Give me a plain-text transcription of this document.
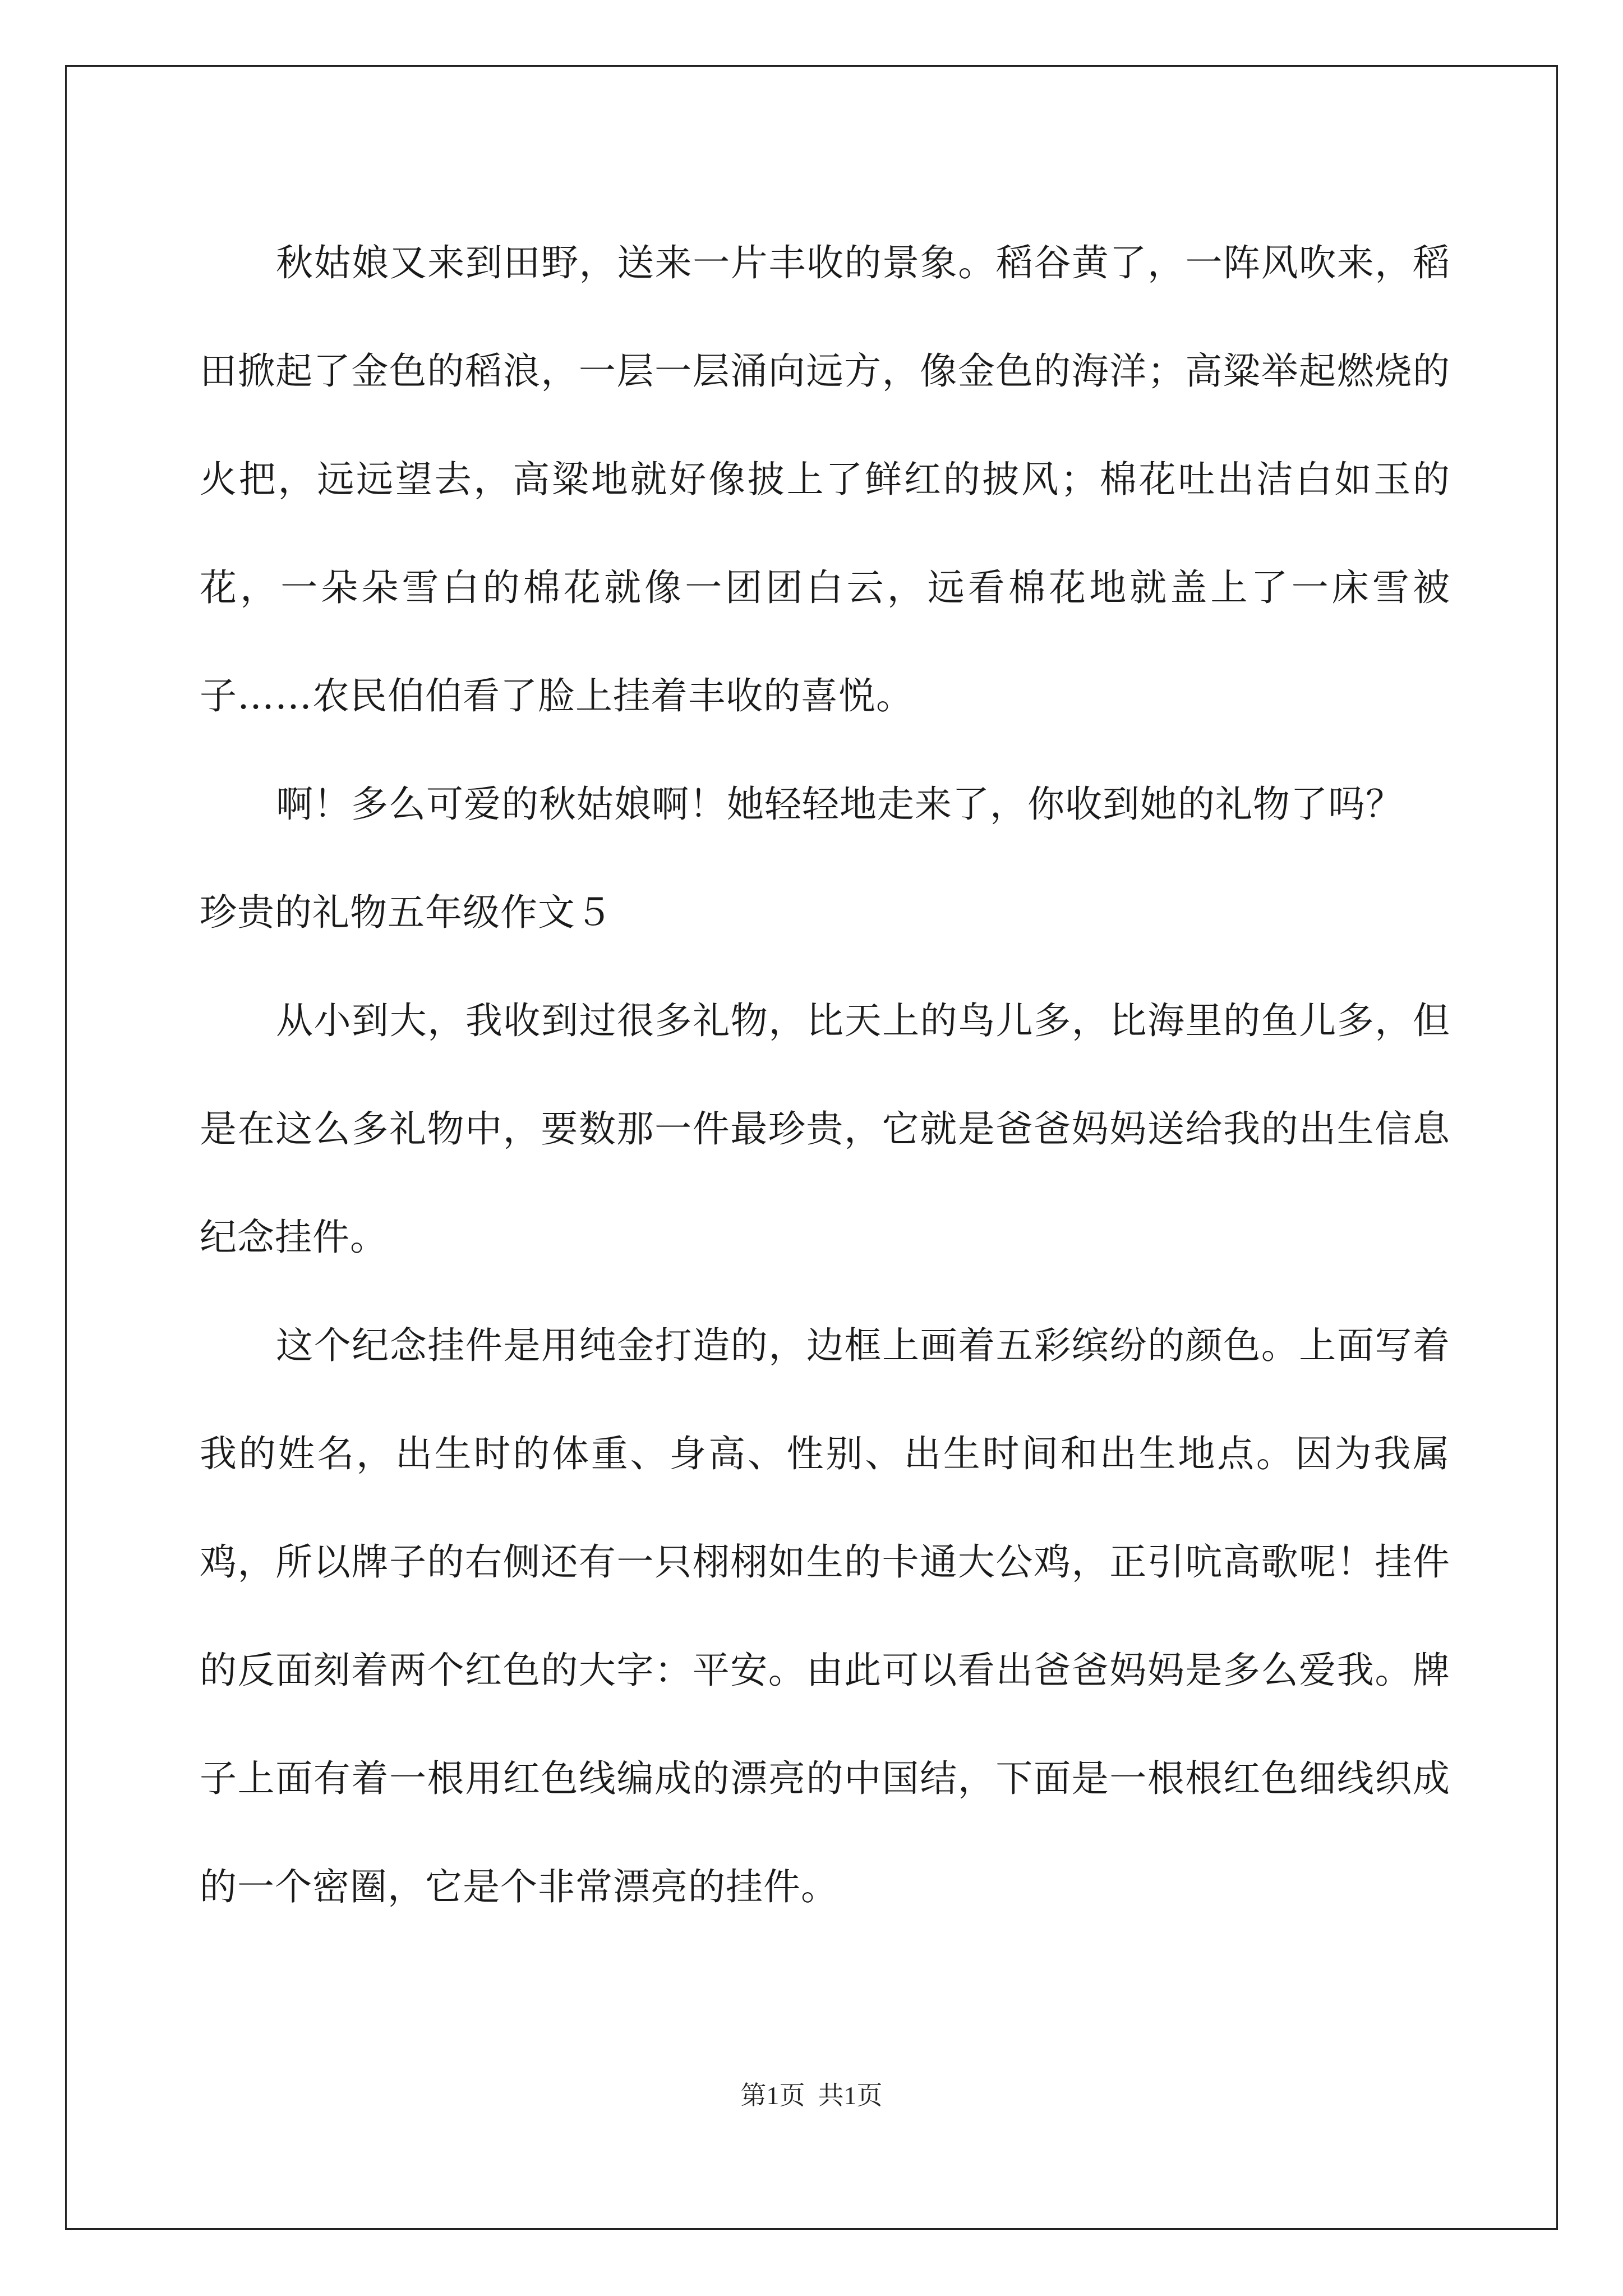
秋姑娘又来到田野，送来一片丰收的景象。稻谷黄了，一阵风吹来，稻田掀起了金色的稻浪，一层一层涌向远方，像金色的海洋；高粱举起燃烧的火把，远远望去，高粱地就好像披上了鲜红的披风；棉花吐出洁白如玉的花，一朵朵雪白的棉花就像一团团白云，远看棉花地就盖上了一床雪被子……农民伯伯看了脸上挂着丰收的喜悦。

啊！多么可爱的秋姑娘啊！她轻轻地走来了，你收到她的礼物了吗？

珍贵的礼物五年级作文５

从小到大，我收到过很多礼物，比天上的鸟儿多，比海里的鱼儿多，但是在这么多礼物中，要数那一件最珍贵，它就是爸爸妈妈送给我的出生信息纪念挂件。

这个纪念挂件是用纯金打造的，边框上画着五彩缤纷的颜色。上面写着我的姓名，出生时的体重、身高、性别、出生时间和出生地点。因为我属鸡，所以牌子的右侧还有一只栩栩如生的卡通大公鸡，正引吭高歌呢！挂件的反面刻着两个红色的大字：平安。由此可以看出爸爸妈妈是多么爱我。牌子上面有着一根用红色线编成的漂亮的中国结，下面是一根根红色细线织成的一个密圈，它是个非常漂亮的挂件。

第1页  共1页
